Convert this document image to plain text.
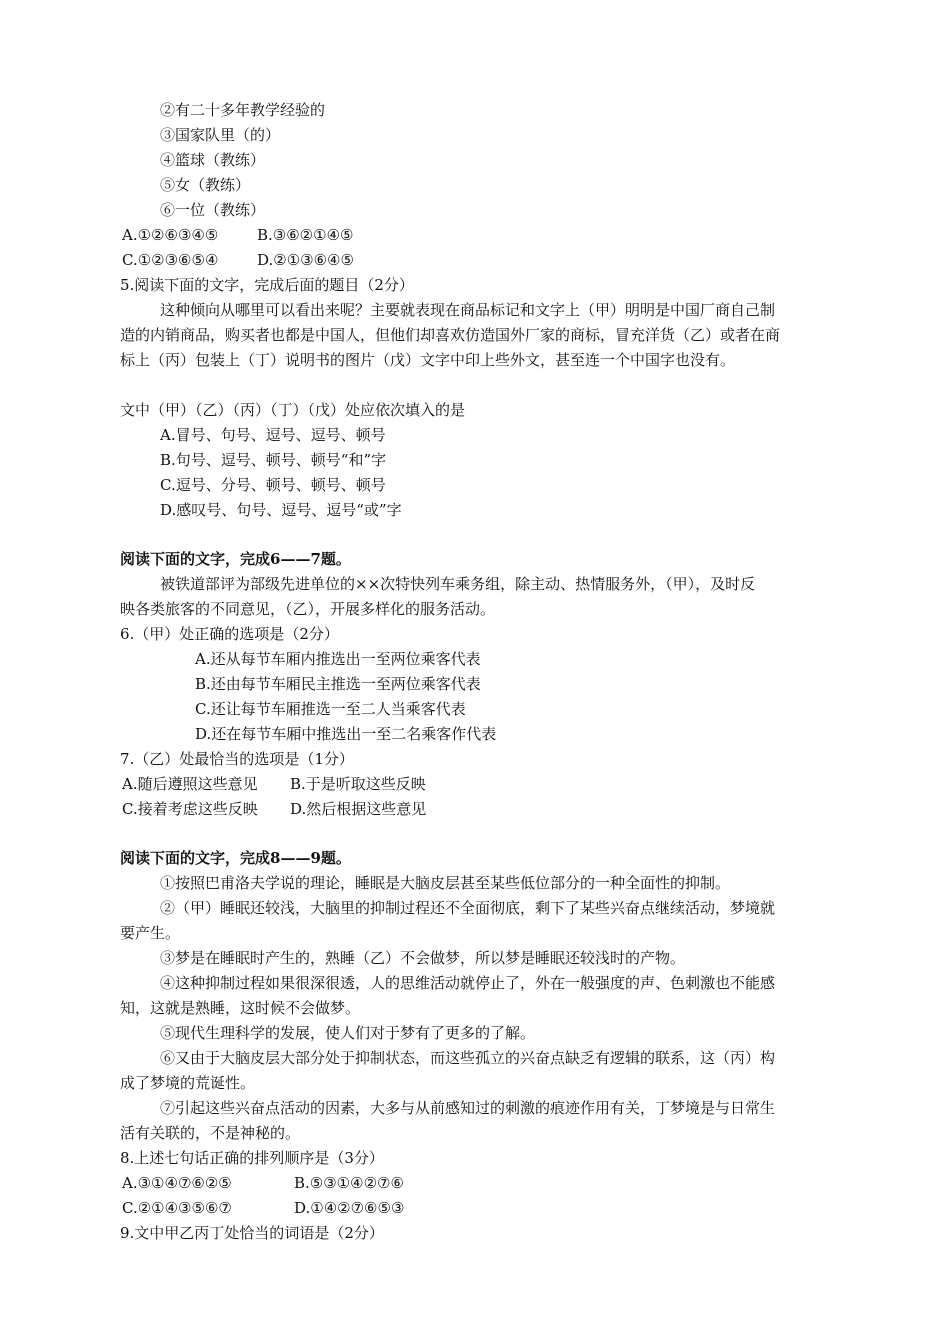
②有二十多年教学经验的
③国家队里（的）
④篮球（教练）
⑤女（教练）
⑥一位（教练）
A.①②⑥③④⑤	B.③⑥②①④⑤
C.①②③⑥⑤④	D.②①③⑥④⑤
5.阅读下面的文字，完成后面的题目（2分）
这种倾向从哪里可以看出来呢？主要就表现在商品标记和文字上（甲）明明是中国厂商自己制
造的内销商品，购买者也都是中国人，但他们却喜欢仿造国外厂家的商标，冒充洋货（乙）或者在商
标上（丙）包装上（丁）说明书的图片（戊）文字中印上些外文，甚至连一个中国字也没有。
文中（甲）（乙）（丙）（丁）（戊）处应依次填入的是
A.冒号、句号、逗号、逗号、顿号
B.句号、逗号、顿号、顿号“和”字
C.逗号、分号、顿号、顿号、顿号
D.感叹号、句号、逗号、逗号“或”字
阅读下面的文字，完成6——7题。
被铁道部评为部级先进单位的××次特快列车乘务组，除主动、热情服务外，（甲），及时反
映各类旅客的不同意见，（乙），开展多样化的服务活动。
6.（甲）处正确的选项是（2分）
A.还从每节车厢内推选出一至两位乘客代表
B.还由每节车厢民主推选一至两位乘客代表
C.还让每节车厢推选一至二人当乘客代表
D.还在每节车厢中推选出一至二名乘客作代表
7.（乙）处最恰当的选项是（1分）
A.随后遵照这些意见 B.于是听取这些反映
C.接着考虑这些反映 D.然后根据这些意见
阅读下面的文字，完成8——9题。
①按照巴甫洛夫学说的理论，睡眠是大脑皮层甚至某些低位部分的一种全面性的抑制。
②（甲）睡眠还较浅，大脑里的抑制过程还不全面彻底，剩下了某些兴奋点继续活动，梦境就
要产生。
③梦是在睡眠时产生的，熟睡（乙）不会做梦，所以梦是睡眠还较浅时的产物。
④这种抑制过程如果很深很透，人的思维活动就停止了，外在一般强度的声、色刺激也不能感
知，这就是熟睡，这时候不会做梦。
⑤现代生理科学的发展，使人们对于梦有了更多的了解。
⑥又由于大脑皮层大部分处于抑制状态，而这些孤立的兴奋点缺乏有逻辑的联系，这（丙）构
成了梦境的荒诞性。
⑦引起这些兴奋点活动的因素，大多与从前感知过的刺激的痕迹作用有关，丁梦境是与日常生
活有关联的，不是神秘的。
8.上述七句话正确的排列顺序是（3分）
A.③①④⑦⑥②⑤	B.⑤③①④②⑦⑥
C.②①④③⑤⑥⑦	D.①④②⑦⑥⑤③
9.文中甲乙丙丁处恰当的词语是（2分）
